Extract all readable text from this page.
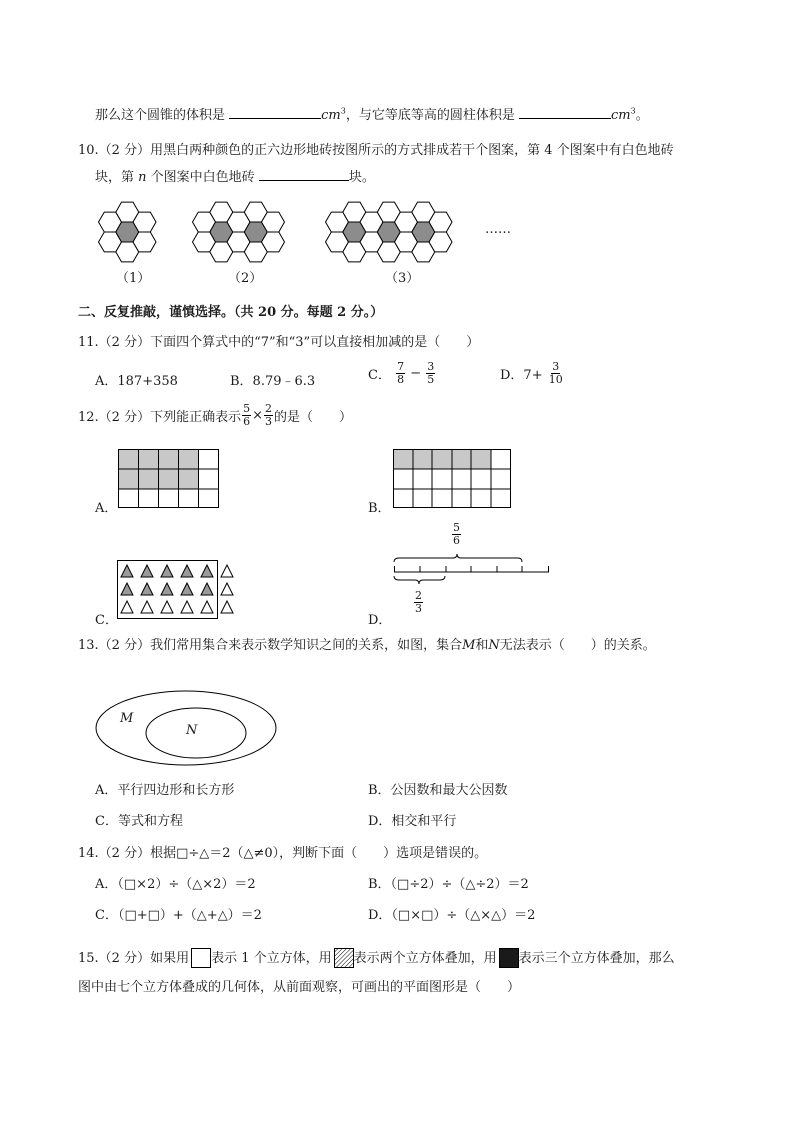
那么这个圆锥的体积是	$cm^3$，与它等底等高的圆柱体积是	$cm^3$。
10.（2 分）用黑白两种颜色的正六边形地砖按图所示的方式排成若干个图案，第 4 个图案中有白色地砖
块，第 n 个图案中白色地砖	块。
（1）	（2）	（3）
……
二、反复推敲，谨慎选择。（共 20 分。每题 2 分。）
11.（2 分）下面四个算式中的“7”和“3”可以直接相加减的是（　　）
A．187+358	B．8.79﹣6.3	C． $\frac{7}{8} - \frac{3}{5}$	D．$7+ \frac{3}{10}$
12.（2 分）下列能正确表示 $\frac{5}{6} \times \frac{2}{3}$ 的是（　　）
A．	B．
C．	D．
$\frac{5}{6}$
$\frac{2}{3}$
13.（2 分）我们常用集合来表示数学知识之间的关系，如图，集合M和N无法表示（　　）的关系。
M
N
A．平行四边形和长方形	B．公因数和最大公因数
C．等式和方程	D．相交和平行
14.（2 分）根据□÷△＝2（△≠0），判断下面（　　）选项是错误的。
A．（□×2）÷（△×2）＝2	B．（□÷2）÷（△÷2）＝2
C．（□+□）+（△+△）＝2	D．（□×□）÷（△×△）＝2
15.（2 分）如果用 表示 1 个立方体，用 表示两个立方体叠加，用 表示三个立方体叠加，那么
图中由七个立方体叠成的几何体，从前面观察，可画出的平面图形是（　　）
